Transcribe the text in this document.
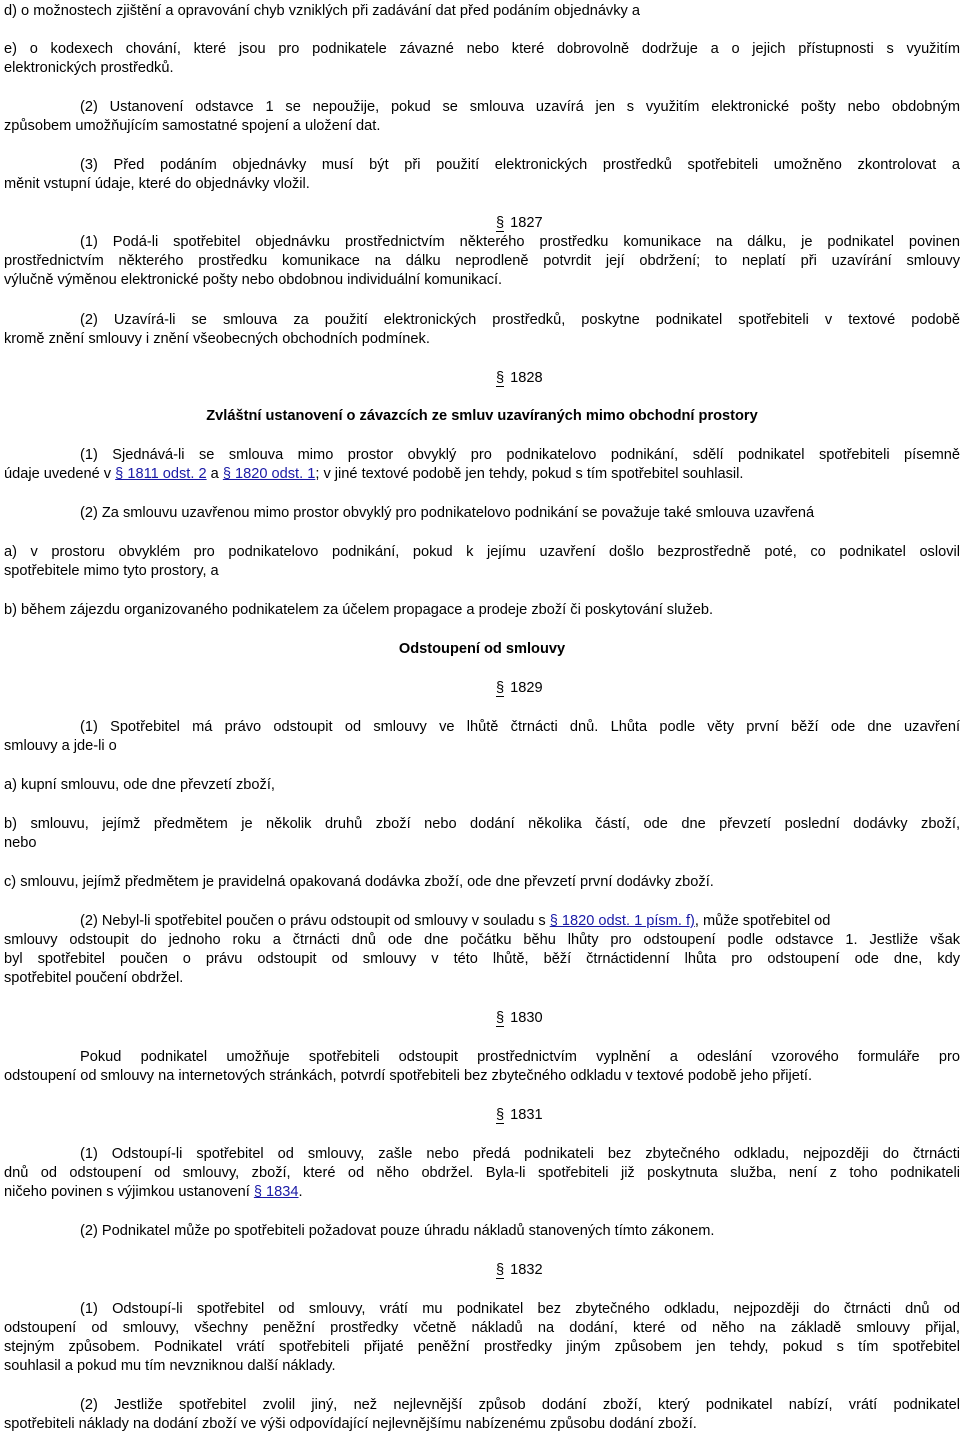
d) o možnostech zjištění a opravování chyb vzniklých při zadávání dat před podáním objednávky a

e) o kodexech chování, které jsou pro podnikatele závazné nebo které dobrovolně dodržuje a o jejich přístupnosti s využitím

elektronických prostředků.

(2) Ustanovení odstavce 1 se nepoužije, pokud se smlouva uzavírá jen s využitím elektronické pošty nebo obdobným

způsobem umožňujícím samostatné spojení a uložení dat.

(3) Před podáním objednávky musí být při použití elektronických prostředků spotřebiteli umožněno zkontrolovat a

měnit vstupní údaje, které do objednávky vložil.

§ 1827

(1) Podá-li spotřebitel objednávku prostřednictvím některého prostředku komunikace na dálku, je podnikatel povinen

prostřednictvím některého prostředku komunikace na dálku neprodleně potvrdit její obdržení; to neplatí při uzavírání smlouvy

výlučně výměnou elektronické pošty nebo obdobnou individuální komunikací.

(2) Uzavírá-li se smlouva za použití elektronických prostředků, poskytne podnikatel spotřebiteli v textové podobě

kromě znění smlouvy i znění všeobecných obchodních podmínek.

§ 1828

Zvláštní ustanovení o závazcích ze smluv uzavíraných mimo obchodní prostory

(1) Sjednává-li se smlouva mimo prostor obvyklý pro podnikatelovo podnikání, sdělí podnikatel spotřebiteli písemně

údaje uvedené v § 1811 odst. 2 a § 1820 odst. 1; v jiné textové podobě jen tehdy, pokud s tím spotřebitel souhlasil.

(2) Za smlouvu uzavřenou mimo prostor obvyklý pro podnikatelovo podnikání se považuje také smlouva uzavřená

a) v prostoru obvyklém pro podnikatelovo podnikání, pokud k jejímu uzavření došlo bezprostředně poté, co podnikatel oslovil

spotřebitele mimo tyto prostory, a

b) během zájezdu organizovaného podnikatelem za účelem propagace a prodeje zboží či poskytování služeb.

Odstoupení od smlouvy

§ 1829

(1) Spotřebitel má právo odstoupit od smlouvy ve lhůtě čtrnácti dnů. Lhůta podle věty první běží ode dne uzavření

smlouvy a jde-li o

a) kupní smlouvu, ode dne převzetí zboží,

b) smlouvu, jejímž předmětem je několik druhů zboží nebo dodání několika částí, ode dne převzetí poslední dodávky zboží,

nebo

c) smlouvu, jejímž předmětem je pravidelná opakovaná dodávka zboží, ode dne převzetí první dodávky zboží.

(2) Nebyl-li spotřebitel poučen o právu odstoupit od smlouvy v souladu s § 1820 odst. 1 písm. f), může spotřebitel od

smlouvy odstoupit do jednoho roku a čtrnácti dnů ode dne počátku běhu lhůty pro odstoupení podle odstavce 1. Jestliže však

byl spotřebitel poučen o právu odstoupit od smlouvy v této lhůtě, běží čtrnáctidenní lhůta pro odstoupení ode dne, kdy

spotřebitel poučení obdržel.

§ 1830

Pokud podnikatel umožňuje spotřebiteli odstoupit prostřednictvím vyplnění a odeslání vzorového formuláře pro

odstoupení od smlouvy na internetových stránkách, potvrdí spotřebiteli bez zbytečného odkladu v textové podobě jeho přijetí.

§ 1831

(1) Odstoupí-li spotřebitel od smlouvy, zašle nebo předá podnikateli bez zbytečného odkladu, nejpozději do čtrnácti

dnů od odstoupení od smlouvy, zboží, které od něho obdržel. Byla-li spotřebiteli již poskytnuta služba, není z toho podnikateli

ničeho povinen s výjimkou ustanovení § 1834.

(2) Podnikatel může po spotřebiteli požadovat pouze úhradu nákladů stanovených tímto zákonem.

§ 1832

(1) Odstoupí-li spotřebitel od smlouvy, vrátí mu podnikatel bez zbytečného odkladu, nejpozději do čtrnácti dnů od

odstoupení od smlouvy, všechny peněžní prostředky včetně nákladů na dodání, které od něho na základě smlouvy přijal,

stejným způsobem. Podnikatel vrátí spotřebiteli přijaté peněžní prostředky jiným způsobem jen tehdy, pokud s tím spotřebitel

souhlasil a pokud mu tím nevzniknou další náklady.

(2) Jestliže spotřebitel zvolil jiný, než nejlevnější způsob dodání zboží, který podnikatel nabízí, vrátí podnikatel

spotřebiteli náklady na dodání zboží ve výši odpovídající nejlevnějšímu nabízenému způsobu dodání zboží.
